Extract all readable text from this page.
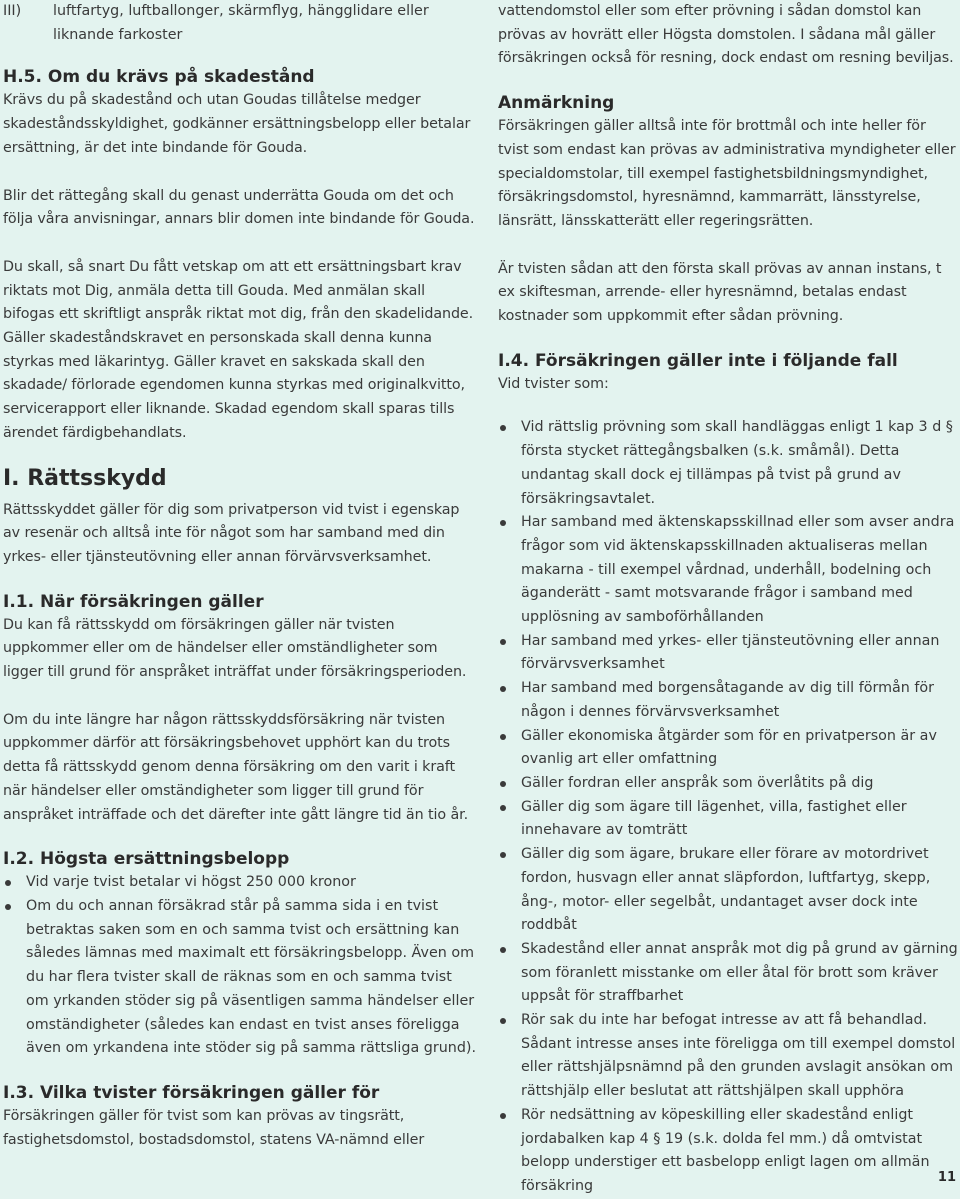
III) luftfartyg, luftballonger, skärmflyg, hängglidare eller liknande farkoster
H.5. Om du krävs på skadestånd

Krävs du på skadestånd och utan Goudas tillåtelse medger skadeståndsskyldighet, godkänner ersättningsbelopp eller betalar ersättning, är det inte bindande för Gouda.

Blir det rättegång skall du genast underrätta Gouda om det och följa våra anvisningar, annars blir domen inte bindande för Gouda.

Du skall, så snart Du fått vetskap om att ett ersättningsbart krav riktats mot Dig, anmäla detta till Gouda. Med anmälan skall bifogas ett skriftligt anspråk riktat mot dig, från den skadelidande. Gäller skadeståndskravet en personskada skall denna kunna styrkas med läkarintyg. Gäller kravet en sakskada skall den skadade/ förlorade egendomen kunna styrkas med originalkvitto, servicerapport eller liknande. Skadad egendom skall sparas tills ärendet färdigbehandlats.

I. Rättsskydd

Rättsskyddet gäller för dig som privatperson vid tvist i egenskap av resenär och alltså inte för något som har samband med din yrkes- eller tjänsteutövning eller annan förvärvsverksamhet.

I.1. När försäkringen gäller

Du kan få rättsskydd om försäkringen gäller när tvisten uppkommer eller om de händelser eller omständligheter som ligger till grund för anspråket inträffat under försäkringsperioden.

Om du inte längre har någon rättsskyddsförsäkring när tvisten uppkommer därför att försäkringsbehovet upphört kan du trots detta få rättsskydd genom denna försäkring om den varit i kraft när händelser eller omständigheter som ligger till grund för anspråket inträffade och det därefter inte gått längre tid än tio år.

I.2. Högsta ersättningsbelopp
Vid varje tvist betalar vi högst 250 000 kronor
Om du och annan försäkrad står på samma sida i en tvist betraktas saken som en och samma tvist och ersättning kan således lämnas med maximalt ett försäkringsbelopp. Även om du har flera tvister skall de räknas som en och samma tvist om yrkanden stöder sig på väsentligen samma händelser eller omständigheter (således kan endast en tvist anses föreligga även om yrkandena inte stöder sig på samma rättsliga grund).
I.3. Vilka tvister försäkringen gäller för

Försäkringen gäller för tvist som kan prövas av tingsrätt, fastighetsdomstol, bostadsdomstol, statens VA-nämnd eller

vattendomstol eller som efter prövning i sådan domstol kan prövas av hovrätt eller Högsta domstolen. I sådana mål gäller försäkringen också för resning, dock endast om resning beviljas.

Anmärkning

Försäkringen gäller alltså inte för brottmål och inte heller för tvist som endast kan prövas av administrativa myndigheter eller specialdomstolar, till exempel fastighetsbildningsmyndighet, försäkringsdomstol, hyresnämnd, kammarrätt, länsstyrelse, länsrätt, länsskatterätt eller regeringsrätten.

Är tvisten sådan att den första skall prövas av annan instans, t ex skiftesman, arrende- eller hyresnämnd, betalas endast kostnader som uppkommit efter sådan prövning.

I.4. Försäkringen gäller inte i följande fall

Vid tvister som:

Vid rättslig prövning som skall handläggas enligt 1 kap 3 d § första stycket rättegångsbalken (s.k. småmål). Detta undantag skall dock ej tillämpas på tvist på grund av försäkringsavtalet.
Har samband med äktenskapsskillnad eller som avser andra frågor som vid äktenskapsskillnaden aktualiseras mellan makarna - till exempel vårdnad, underhåll, bodelning och äganderätt - samt motsvarande frågor i samband med upplösning av samboförhållanden
Har samband med yrkes- eller tjänsteutövning eller annan förvärvsverksamhet
Har samband med borgensåtagande av dig till förmån för någon i dennes förvärvsverksamhet
Gäller ekonomiska åtgärder som för en privatperson är av ovanlig art eller omfattning
Gäller fordran eller anspråk som överlåtits på dig
Gäller dig som ägare till lägenhet, villa, fastighet eller innehavare av tomträtt
Gäller dig som ägare, brukare eller förare av motordrivet fordon, husvagn eller annat släpfordon, luftfartyg, skepp, ång-, motor- eller segelbåt, undantaget avser dock inte roddbåt
Skadestånd eller annat anspråk mot dig på grund av gärning som föranlett misstanke om eller åtal för brott som kräver uppsåt för straffbarhet
Rör sak du inte har befogat intresse av att få behandlad. Sådant intresse anses inte föreligga om till exempel domstol eller rättshjälpsnämnd på den grunden avslagit ansökan om rättshjälp eller beslutat att rättshjälpen skall upphöra
Rör nedsättning av köpeskilling eller skadestånd enligt jordabalken kap 4 § 19 (s.k. dolda fel mm.) då omtvistat belopp understiger ett basbelopp enligt lagen om allmän försäkring
11
